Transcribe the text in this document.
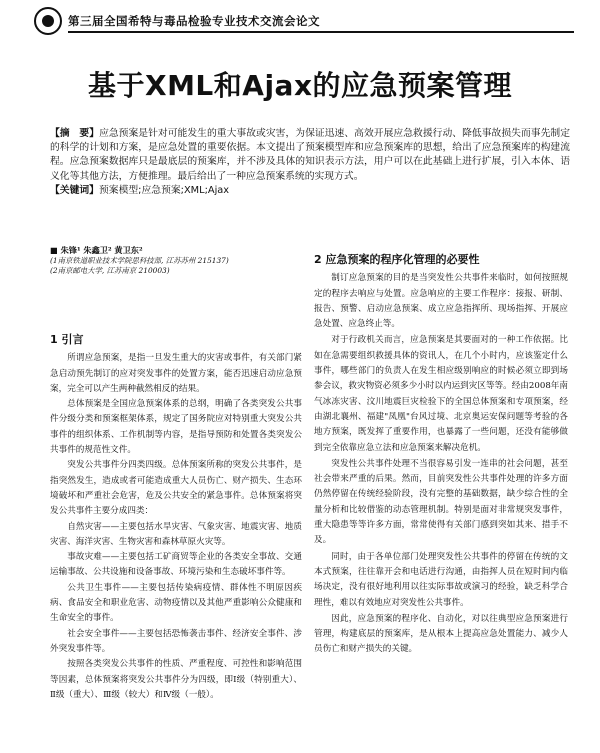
第三届全国希特与毒品检验专业技术交流会论文
基于XML和Ajax的应急预案管理
【摘　要】应急预案是针对可能发生的重大事故或灾害，为保证迅速、高效开展应急救援行动、降低事故损失而事先制定的科学的计划和方案，是应急处置的重要依据。本文提出了预案模型库和应急预案库的思想，给出了应急预案库的构建流程。应急预案数据库只是最底层的预案库，并不涉及具体的知识表示方法，用户可以在此基础上进行扩展，引入本体、语义化等其他方法，方便推理。最后给出了一种应急预案系统的实现方式。
【关键词】预案模型;应急预案;XML;Ajax
■ 朱锋¹ 朱鑫卫² 黄卫东²
(1南京铁道职业技术学院思科技部, 江苏苏州 215137)
(2南京邮电大学, 江苏南京 210003)
1 引言

所谓应急预案，是指一旦发生重大的灾害或事件，有关部门紧急启动预先制订的应对突发事件的处置方案，能否迅速启动应急预案，完全可以产生两种截然相反的结果。

总体预案是全国应急预案体系的总纲，明确了各类突发公共事件分级分类和预案框架体系，规定了国务院应对特别重大突发公共事件的组织体系、工作机制等内容，是指导预防和处置各类突发公共事件的规范性文件。

突发公共事件分四类四级。总体预案所称的突发公共事件，是指突然发生，造成或者可能造成重大人员伤亡、财产损失、生态环境破坏和严重社会危害，危及公共安全的紧急事件。总体预案将突发公共事件主要分成四类：

自然灾害——主要包括水旱灾害、气象灾害、地震灾害、地质灾害、海洋灾害、生物灾害和森林草原火灾等。

事故灾难——主要包括工矿商贸等企业的各类安全事故、交通运输事故、公共设施和设备事故、环境污染和生态破坏事件等。

公共卫生事件——主要包括传染病疫情、群体性不明原因疾病、食品安全和职业危害、动物疫情以及其他严重影响公众健康和生命安全的事件。

社会安全事件——主要包括恐怖袭击事件、经济安全事件、涉外突发事件等。

按照各类突发公共事件的性质、严重程度、可控性和影响范围等因素，总体预案将突发公共事件分为四级，即Ⅰ级（特别重大）、Ⅱ级（重大）、Ⅲ级（较大）和Ⅳ级（一般）。

2 应急预案的程序化管理的必要性

制订应急预案的目的是当突发性公共事件来临时，如何按照规定的程序去响应与处置。应急响应的主要工作程序：接报、研制、报告、预警、启动应急预案、成立应急指挥所、现场指挥、开展应急处置、应急终止等。

对于行政机关而言，应急预案是其要面对的一种工作依据。比如在急需要组织救援具体的资讯人，在几个小时内，应该鉴定什么事件，哪些部门的负责人在发生相应级别响应的时候必须立即到场参会议，救灾物资必须多少小时以内运到灾区等等。经由2008年南气冰冻灾害、汶川地震巨灾检验下的全国总体预案和专项预案，经由湖北襄州、福建"凤凰"台风过境、北京奥运安保问题等考验的各地方预案，既发挥了重要作用，也暴露了一些问题，还没有能够做到完全依靠应急立法和应急预案来解决危机。

突发性公共事件处理不当很容易引发一连串的社会问题，甚至社会带来严重的后果。然而，目前突发性公共事件处理的许多方面仍然停留在传统经验阶段，没有完整的基础数据，缺少综合性的全量分析和比较借鉴的动态管理机制。特别是面对非常规突发事件，重大隐患等等许多方面，常常使得有关部门感到突如其来、措手不及。

同时，由于各单位部门处理突发性公共事件的停留在传统的文本式预案，往往靠开会和电话进行沟通，由指挥人员在短时间内临场决定，没有很好地利用以往实际事故或演习的经验，缺乏科学合理性，难以有效地应对突发性公共事件。

因此，应急预案的程序化、自动化，对以往典型应急预案进行管理，构建底层的预案库，是从根本上提高应急处置能力、减少人员伤亡和财产损失的关键。
